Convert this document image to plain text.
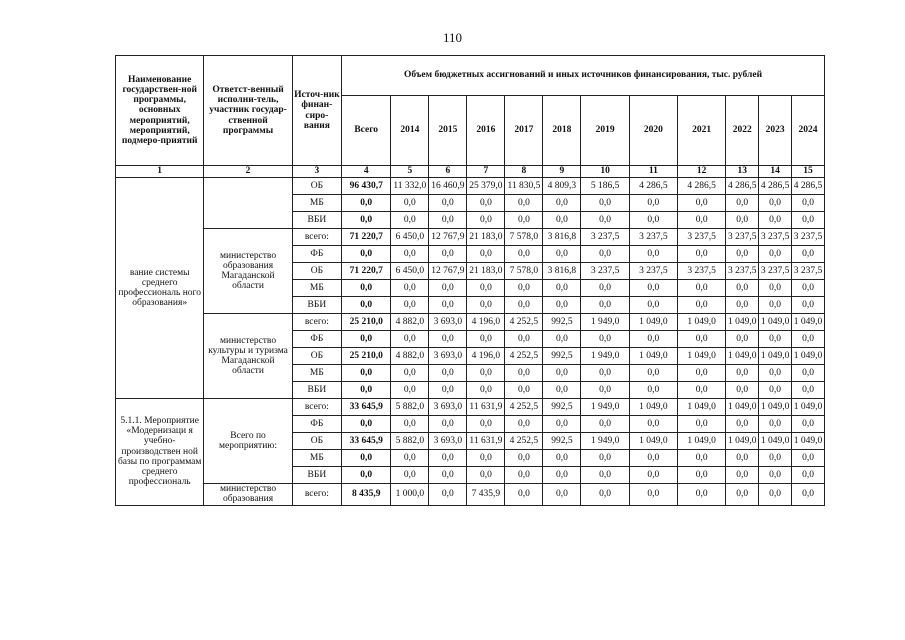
110
Наименование государствен-ной программы, основных мероприятий, мероприятий, подмеро-приятий	Ответст-венный исполни-тель, участник государ-ственной программы	Источ-ник финан-сиро-вания	Объем бюджетных ассигнований и иных источников финансирования, тыс. рублей											
			Всего	2014	2015	2016	2017	2018	2019	2020	2021	2022	2023	2024
1	2	3	4	5	6	7	8	9	10	11	12	13	14	15
вание системы среднего профессиональ ного образования»		ОБ	96 430,7	11 332,0	16 460,9	25 379,0	11 830,5	4 809,3	5 186,5	4 286,5	4 286,5	4 286,5	4 286,5	4 286,5
		МБ	0,0	0,0	0,0	0,0	0,0	0,0	0,0	0,0	0,0	0,0	0,0	0,0
		ВБИ	0,0	0,0	0,0	0,0	0,0	0,0	0,0	0,0	0,0	0,0	0,0	0,0
	министерство образования Магаданской области	всего:	71 220,7	6 450,0	12 767,9	21 183,0	7 578,0	3 816,8	3 237,5	3 237,5	3 237,5	3 237,5	3 237,5	3 237,5
		ФБ	0,0	0,0	0,0	0,0	0,0	0,0	0,0	0,0	0,0	0,0	0,0	0,0
		ОБ	71 220,7	6 450,0	12 767,9	21 183,0	7 578,0	3 816,8	3 237,5	3 237,5	3 237,5	3 237,5	3 237,5	3 237,5
		МБ	0,0	0,0	0,0	0,0	0,0	0,0	0,0	0,0	0,0	0,0	0,0	0,0
		ВБИ	0,0	0,0	0,0	0,0	0,0	0,0	0,0	0,0	0,0	0,0	0,0	0,0
	министерство культуры и туризма Магаданской области	всего:	25 210,0	4 882,0	3 693,0	4 196,0	4 252,5	992,5	1 949,0	1 049,0	1 049,0	1 049,0	1 049,0	1 049,0
		ФБ	0,0	0,0	0,0	0,0	0,0	0,0	0,0	0,0	0,0	0,0	0,0	0,0
		ОБ	25 210,0	4 882,0	3 693,0	4 196,0	4 252,5	992,5	1 949,0	1 049,0	1 049,0	1 049,0	1 049,0	1 049,0
		МБ	0,0	0,0	0,0	0,0	0,0	0,0	0,0	0,0	0,0	0,0	0,0	0,0
		ВБИ	0,0	0,0	0,0	0,0	0,0	0,0	0,0	0,0	0,0	0,0	0,0	0,0
5.1.1. Мероприятие «Модернизаци я учебно-производствен ной базы по программам среднего профессиональ	Всего по мероприятию:	всего:	33 645,9	5 882,0	3 693,0	11 631,9	4 252,5	992,5	1 949,0	1 049,0	1 049,0	1 049,0	1 049,0	1 049,0
		ФБ	0,0	0,0	0,0	0,0	0,0	0,0	0,0	0,0	0,0	0,0	0,0	0,0
		ОБ	33 645,9	5 882,0	3 693,0	11 631,9	4 252,5	992,5	1 949,0	1 049,0	1 049,0	1 049,0	1 049,0	1 049,0
		МБ	0,0	0,0	0,0	0,0	0,0	0,0	0,0	0,0	0,0	0,0	0,0	0,0
		ВБИ	0,0	0,0	0,0	0,0	0,0	0,0	0,0	0,0	0,0	0,0	0,0	0,0
	министерство образования	всего:	8 435,9	1 000,0	0,0	7 435,9	0,0	0,0	0,0	0,0	0,0	0,0	0,0	0,0
